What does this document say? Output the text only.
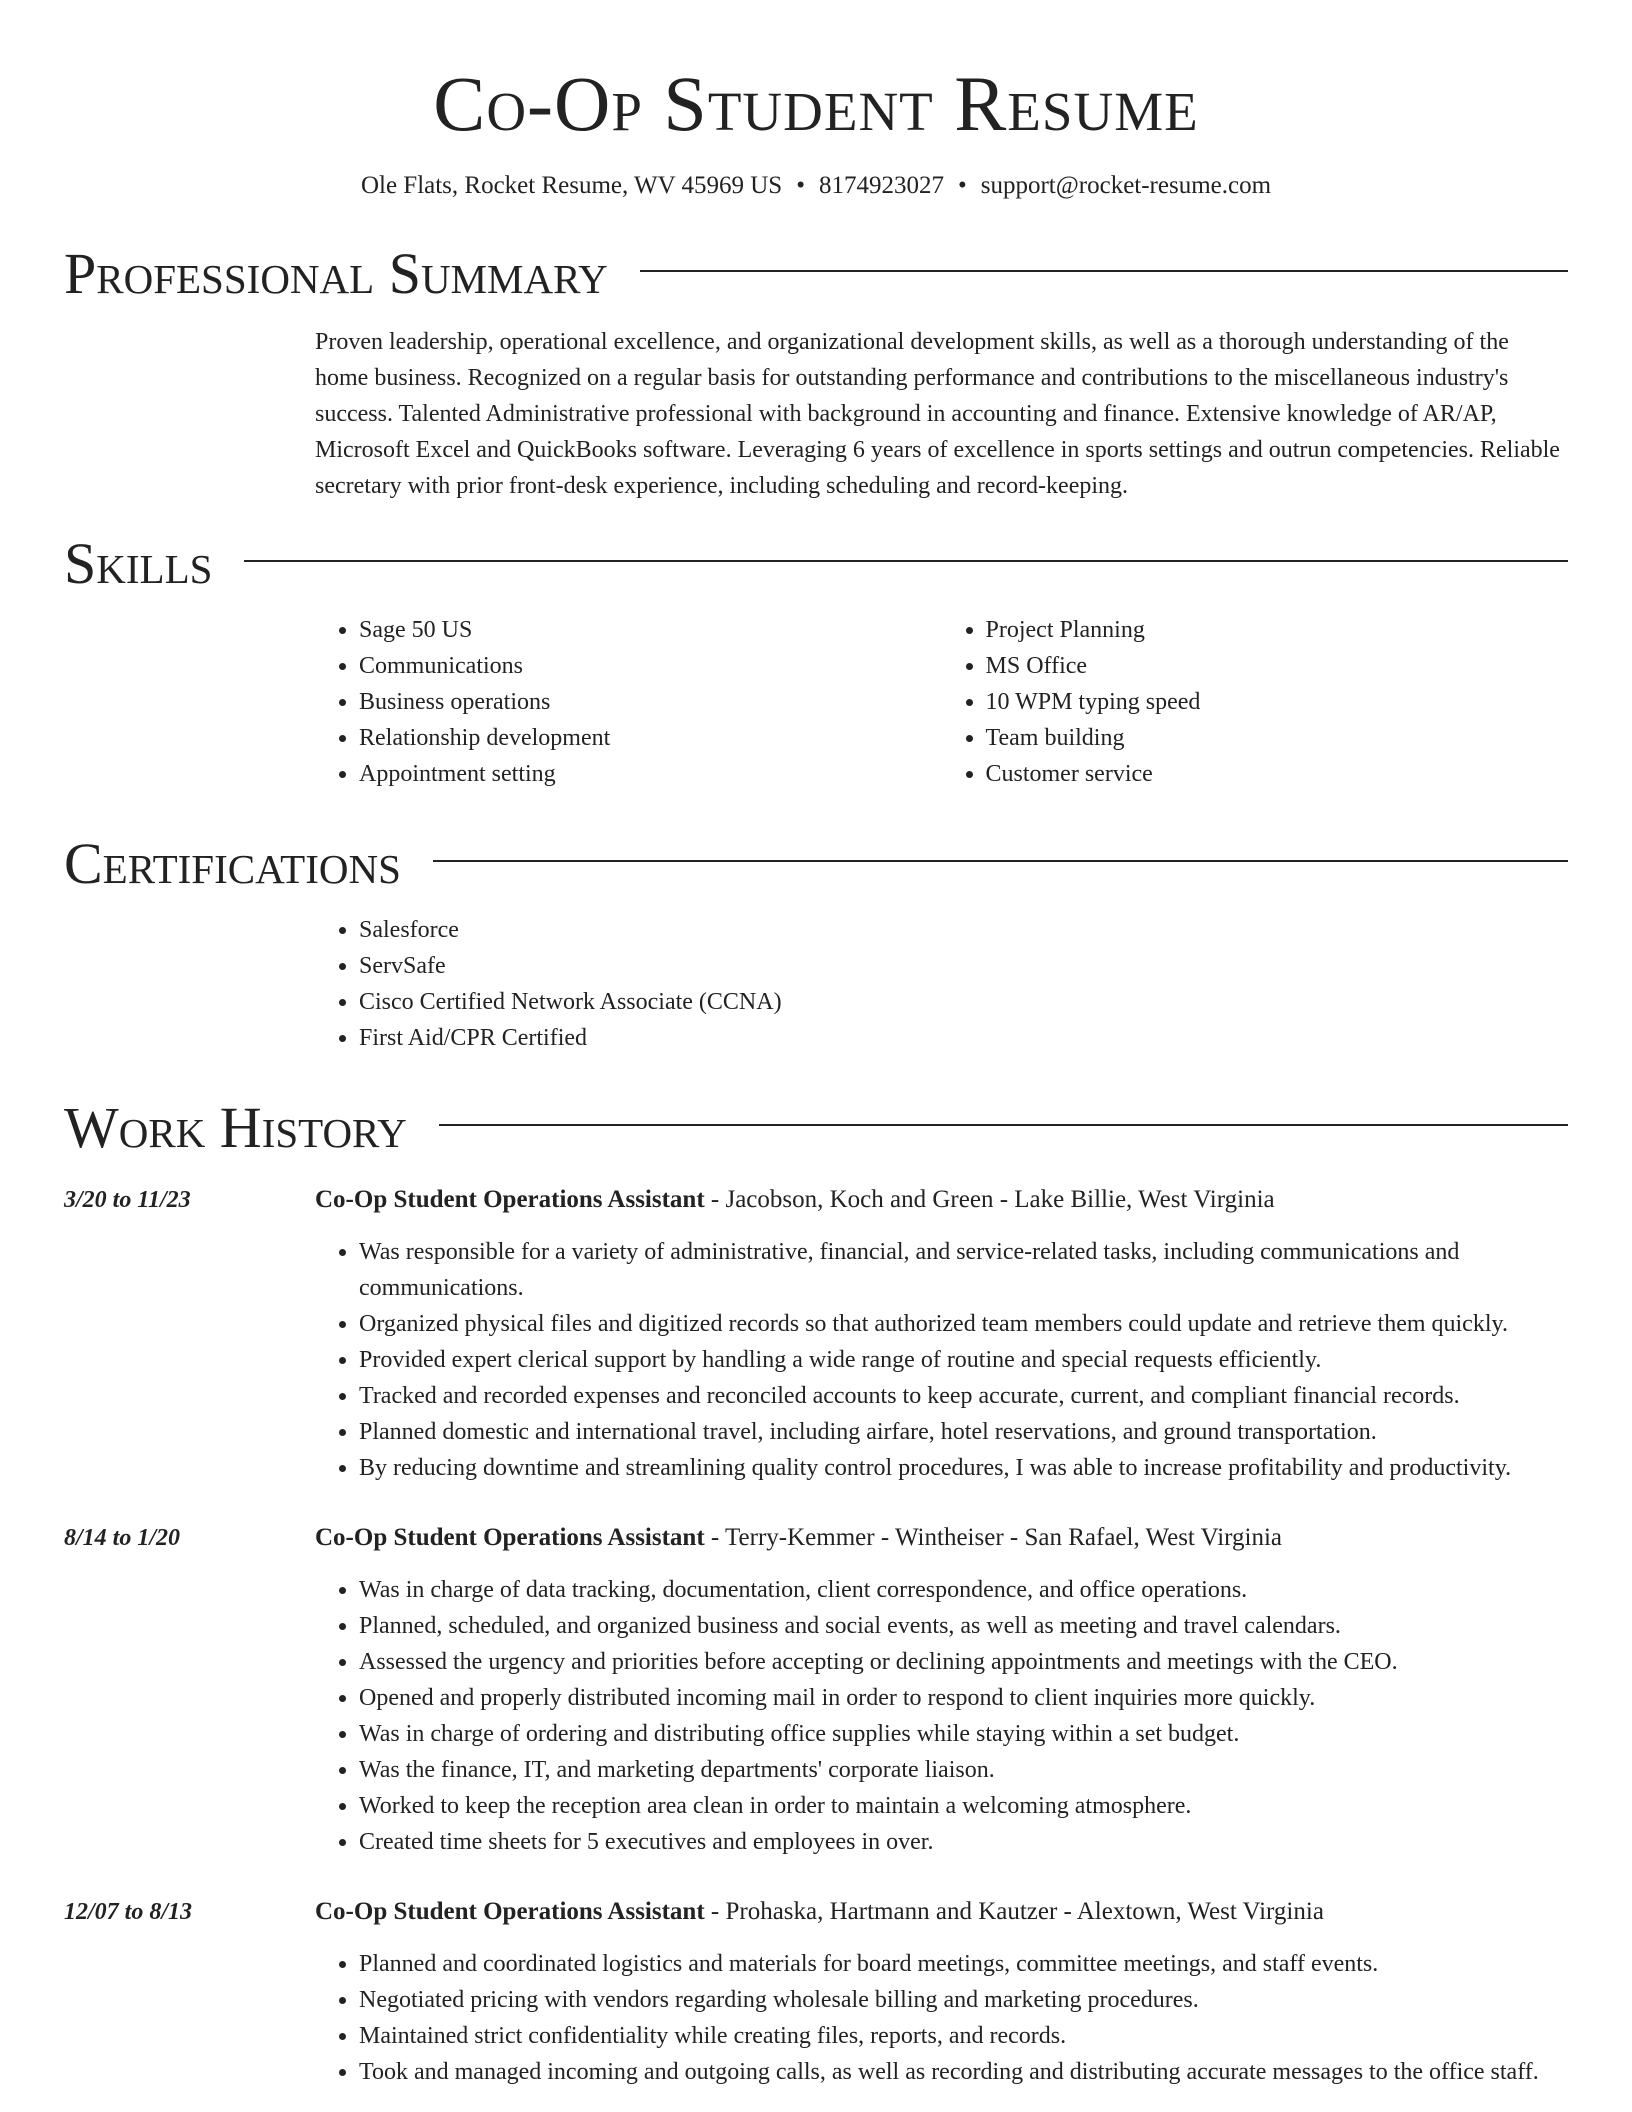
Co-Op Student Resume
Ole Flats, Rocket Resume, WV 45969 US • 8174923027 • support@rocket-resume.com
Professional Summary

Proven leadership, operational excellence, and organizational development skills, as well as a thorough understanding of the home business. Recognized on a regular basis for outstanding performance and contributions to the miscellaneous industry's success. Talented Administrative professional with background in accounting and finance. Extensive knowledge of AR/AP, Microsoft Excel and QuickBooks software. Leveraging 6 years of excellence in sports settings and outrun competencies. Reliable secretary with prior front-desk experience, including scheduling and record-keeping.

Skills
• Sage 50 US
• Communications
• Business operations
• Relationship development
• Appointment setting
• Project Planning
• MS Office
• 10 WPM typing speed
• Team building
• Customer service
Certifications
• Salesforce
• ServSafe
• Cisco Certified Network Associate (CCNA)
• First Aid/CPR Certified
Work History
3/20 to 11/23	Co-Op Student Operations Assistant - Jacobson, Koch and Green - Lake Billie, West Virginia
• Was responsible for a variety of administrative, financial, and service-related tasks, including communications and communications.
• Organized physical files and digitized records so that authorized team members could update and retrieve them quickly.
• Provided expert clerical support by handling a wide range of routine and special requests efficiently.
• Tracked and recorded expenses and reconciled accounts to keep accurate, current, and compliant financial records.
• Planned domestic and international travel, including airfare, hotel reservations, and ground transportation.
• By reducing downtime and streamlining quality control procedures, I was able to increase profitability and productivity.
8/14 to 1/20	Co-Op Student Operations Assistant - Terry-Kemmer - Wintheiser - San Rafael, West Virginia
• Was in charge of data tracking, documentation, client correspondence, and office operations.
• Planned, scheduled, and organized business and social events, as well as meeting and travel calendars.
• Assessed the urgency and priorities before accepting or declining appointments and meetings with the CEO.
• Opened and properly distributed incoming mail in order to respond to client inquiries more quickly.
• Was in charge of ordering and distributing office supplies while staying within a set budget.
• Was the finance, IT, and marketing departments' corporate liaison.
• Worked to keep the reception area clean in order to maintain a welcoming atmosphere.
• Created time sheets for 5 executives and employees in over.
12/07 to 8/13	Co-Op Student Operations Assistant - Prohaska, Hartmann and Kautzer - Alextown, West Virginia
• Planned and coordinated logistics and materials for board meetings, committee meetings, and staff events.
• Negotiated pricing with vendors regarding wholesale billing and marketing procedures.
• Maintained strict confidentiality while creating files, reports, and records.
• Took and managed incoming and outgoing calls, as well as recording and distributing accurate messages to the office staff.
